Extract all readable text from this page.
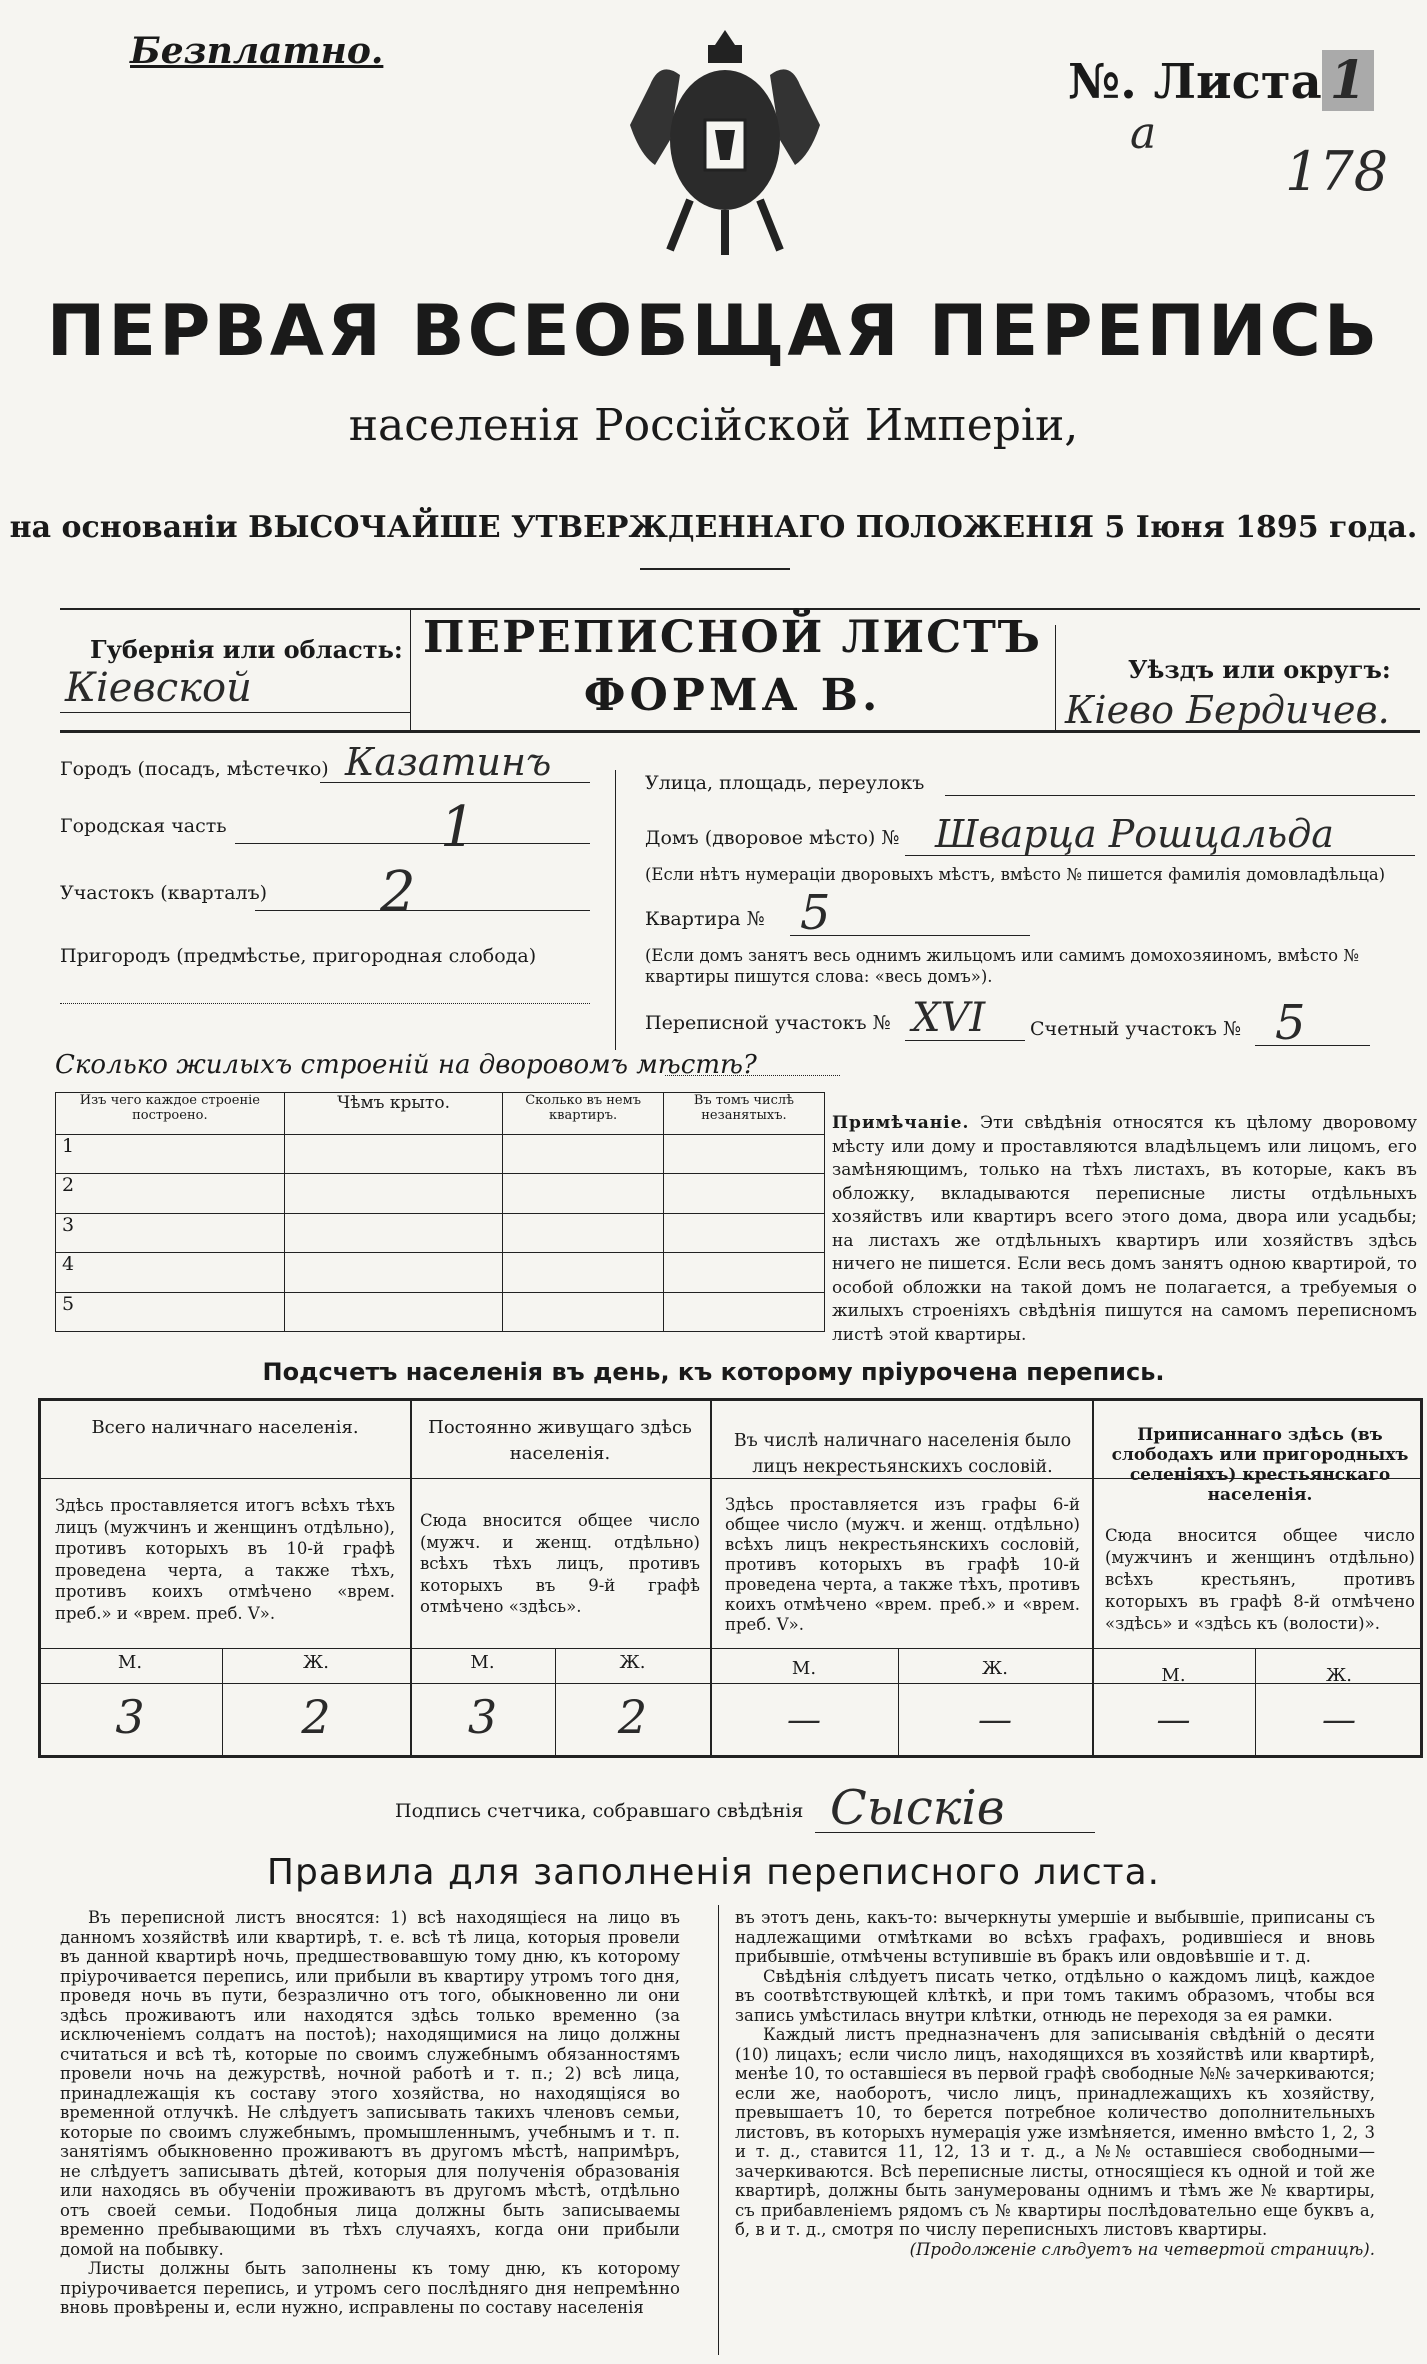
Безплатно.
№. Листа 1
a
178
ПЕРВАЯ ВСЕОБЩАЯ ПЕРЕПИСЬ
населенія Россійской Имперіи,
на основаніи ВЫСОЧАЙШЕ УТВЕРЖДЕННАГО ПОЛОЖЕНІЯ 5 Іюня 1895 года.
Губернія или область:
Кіевской
ПЕРЕПИСНОЙ ЛИСТЪ
ФОРМА В.
Уѣздъ или округъ:
Кіево Бердичев.
Городъ (посадъ, мѣстечко) Казатинъ
Городская часть	1
Участокъ (кварталъ) 2
Пригородъ (предмѣстье, пригородная слобода)
Улица, площадь, переулокъ
Домъ (дворовое мѣсто) № Шварца Рошцальда
(Если нѣтъ нумераціи дворовыхъ мѣстъ, вмѣсто № пишется фамилія домовладѣльца)
Квартира № 5
(Если домъ занятъ весь однимъ жильцомъ или самимъ домохозяиномъ, вмѣсто № квартиры пишутся слова: «весь домъ»).
Переписной участокъ № XVI Счетный участокъ № 5
Сколько жилыхъ строеній на дворовомъ мѣстѣ?
Изъ чего каждое строеніе построено.	Чѣмъ крыто.	Сколько въ немъ квартиръ.	Въ томъ числѣ незанятыхъ.
1			
2			
3			
4			
5			
Примѣчаніе. Эти свѣдѣнія относятся къ цѣлому дворовому мѣсту или дому и проставляются владѣльцемъ или лицомъ, его замѣняющимъ, только на тѣхъ листахъ, въ которые, какъ въ обложку, вкладываются переписные листы отдѣльныхъ хозяйствъ или квартиръ всего этого дома, двора или усадьбы; на листахъ же отдѣльныхъ квартиръ или хозяйствъ здѣсь ничего не пишется. Если весь домъ занятъ одною квартирой, то особой обложки на такой домъ не полагается, а требуемыя о жилыхъ строеніяхъ свѣдѣнія пишутся на самомъ переписномъ листѣ этой квартиры.
Подсчетъ населенія въ день, къ которому пріурочена перепись.
Всего наличнаго населенія.
Здѣсь проставляется итогъ всѣхъ тѣхъ лицъ (мужчинъ и женщинъ отдѣльно), противъ которыхъ въ 10-й графѣ проведена черта, а также тѣхъ, противъ коихъ отмѣчено «врем. преб.» и «врем. преб. V».
М.	Ж.
3	2
Постоянно живущаго здѣсь населенія.
Сюда вносится общее число (мужч. и женщ. отдѣльно) всѣхъ тѣхъ лицъ, противъ которыхъ въ 9-й графѣ отмѣчено «здѣсь».
М.	Ж.
3	2
Въ числѣ наличнаго населенія было лицъ некрестьянскихъ сословій.
Здѣсь проставляется изъ графы 6-й общее число (мужч. и женщ. отдѣльно) всѣхъ лицъ некрестьянскихъ сословій, противъ которыхъ въ графѣ 10-й проведена черта, а также тѣхъ, противъ коихъ отмѣчено «врем. преб.» и «врем. преб. V».
М.	Ж.
—	—
Приписаннаго здѣсь (въ слободахъ или пригородныхъ селеніяхъ) крестьянскаго населенія.
Сюда вносится общее число (мужчинъ и женщинъ отдѣльно) всѣхъ крестьянъ, противъ которыхъ въ графѣ 8-й отмѣчено «здѣсь» и «здѣсь къ (волости)».
М.	Ж.
—	—
Подпись счетчика, собравшаго свѣдѣнія Сысків
Правила для заполненія переписного листа.

Въ переписной листъ вносятся: 1) всѣ находящіеся на лицо въ данномъ хозяйствѣ или квартирѣ, т. е. всѣ тѣ лица, которыя провели въ данной квартирѣ ночь, предшествовавшую тому дню, къ которому пріурочивается перепись, или прибыли въ квартиру утромъ того дня, проведя ночь въ пути, безразлично отъ того, обыкновенно ли они здѣсь проживаютъ или находятся здѣсь только временно (за исключеніемъ солдатъ на постоѣ); находящимися на лицо должны считаться и всѣ тѣ, которые по своимъ служебнымъ обязанностямъ провели ночь на дежурствѣ, ночной работѣ и т. п.; 2) всѣ лица, принадлежащія къ составу этого хозяйства, но находящіяся во временной отлучкѣ. Не слѣдуетъ записывать такихъ членовъ семьи, которые по своимъ служебнымъ, промышленнымъ, учебнымъ и т. п. занятіямъ обыкновенно проживаютъ въ другомъ мѣстѣ, напримѣръ, не слѣдуетъ записывать дѣтей, которыя для полученія образованія или находясь въ обученіи проживаютъ въ другомъ мѣстѣ, отдѣльно отъ своей семьи. Подобныя лица должны быть записываемы временно пребывающими въ тѣхъ случаяхъ, когда они прибыли домой на побывку.

Листы должны быть заполнены къ тому дню, къ которому пріурочивается перепись, и утромъ сего послѣдняго дня непремѣнно вновь провѣрены и, если нужно, исправлены по составу населенія

въ этотъ день, какъ-то: вычеркнуты умершіе и выбывшіе, приписаны съ надлежащими отмѣтками во всѣхъ графахъ, родившіеся и вновь прибывшіе, отмѣчены вступившіе въ бракъ или овдовѣвшіе и т. д.

Свѣдѣнія слѣдуетъ писать четко, отдѣльно о каждомъ лицѣ, каждое въ соотвѣтствующей клѣткѣ, и при томъ такимъ образомъ, чтобы вся запись умѣстилась внутри клѣтки, отнюдь не переходя за ея рамки.

Каждый листъ предназначенъ для записыванія свѣдѣній о десяти (10) лицахъ; если число лицъ, находящихся въ хозяйствѣ или квартирѣ, менѣе 10, то оставшіеся въ первой графѣ свободные №№ зачеркиваются; если же, наоборотъ, число лицъ, принадлежащихъ къ хозяйству, превышаетъ 10, то берется потребное количество дополнительныхъ листовъ, въ которыхъ нумерація уже измѣняется, именно вмѣсто 1, 2, 3 и т. д., ставится 11, 12, 13 и т. д., а №№ оставшіеся свободными—зачеркиваются. Всѣ переписные листы, относящіеся къ одной и той же квартирѣ, должны быть занумерованы однимъ и тѣмъ же № квартиры, съ прибавленіемъ рядомъ съ № квартиры послѣдовательно еще буквъ а, б, в и т. д., смотря по числу переписныхъ листовъ квартиры.

(Продолженіе слѣдуетъ на четвертой страницѣ).
